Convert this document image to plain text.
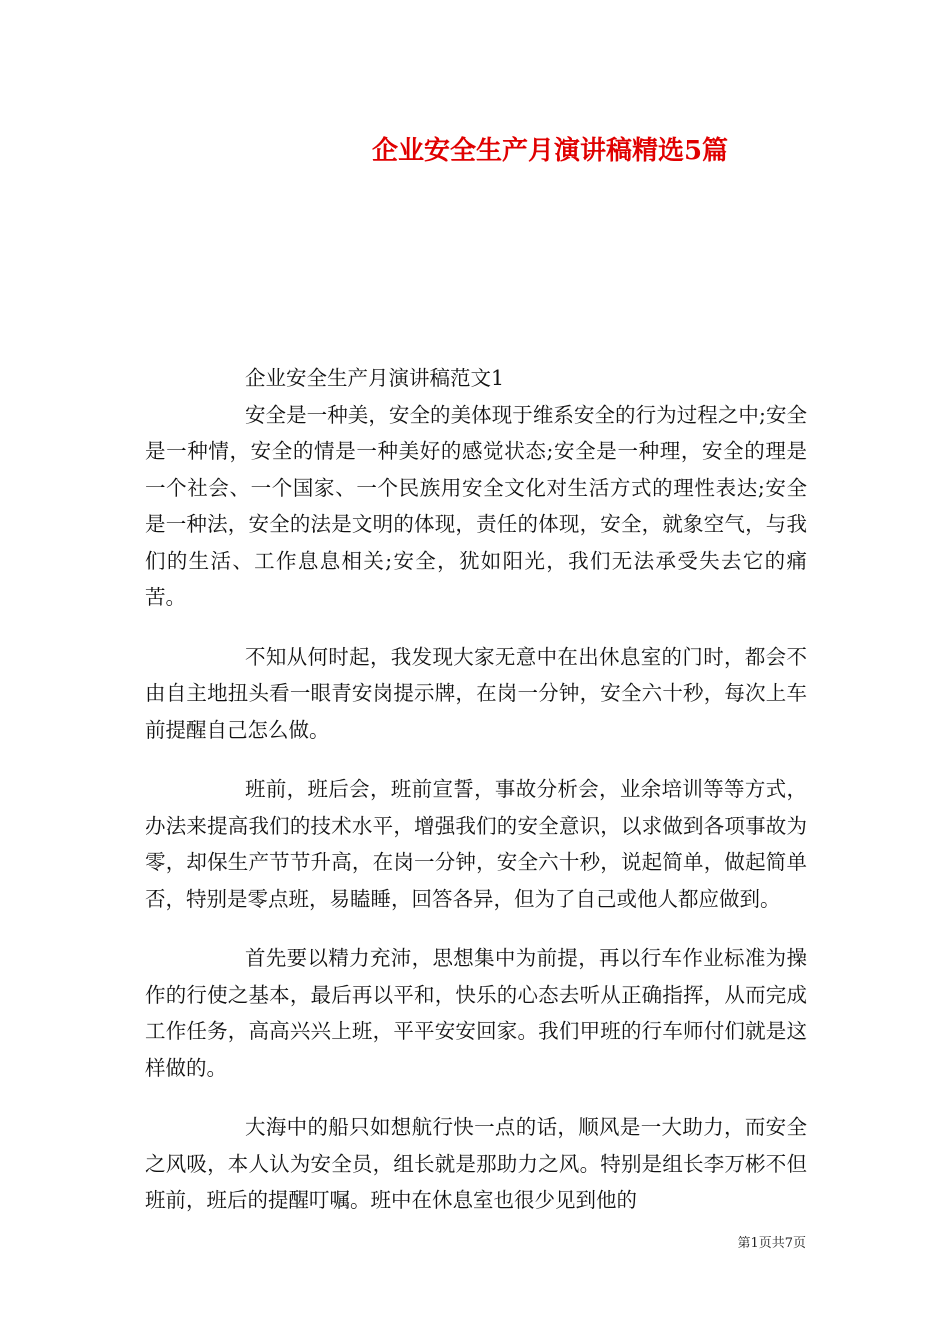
企业安全生产月演讲稿精选5篇

企业安全生产月演讲稿范文1

安全是一种美，安全的美体现于维系安全的行为过程之中;安全是一种情，安全的情是一种美好的感觉状态;安全是一种理，安全的理是一个社会、一个国家、一个民族用安全文化对生活方式的理性表达;安全是一种法，安全的法是文明的体现，责任的体现，安全，就象空气，与我们的生活、工作息息相关;安全，犹如阳光，我们无法承受失去它的痛苦。

不知从何时起，我发现大家无意中在出休息室的门时，都会不由自主地扭头看一眼青安岗提示牌，在岗一分钟，安全六十秒，每次上车前提醒自己怎么做。

班前，班后会，班前宣誓，事故分析会，业余培训等等方式，办法来提高我们的技术水平，增强我们的安全意识，以求做到各项事故为零，却保生产节节升高，在岗一分钟，安全六十秒，说起简单，做起简单否，特别是零点班，易瞌睡，回答各异，但为了自己或他人都应做到。

首先要以精力充沛，思想集中为前提，再以行车作业标准为操作的行使之基本，最后再以平和，快乐的心态去听从正确指挥，从而完成工作任务，高高兴兴上班，平平安安回家。我们甲班的行车师付们就是这样做的。

大海中的船只如想航行快一点的话，顺风是一大助力，而安全之风吸，本人认为安全员，组长就是那助力之风。特别是组长李万彬不但班前，班后的提醒叮嘱。班中在休息室也很少见到他的

第1页共7页
